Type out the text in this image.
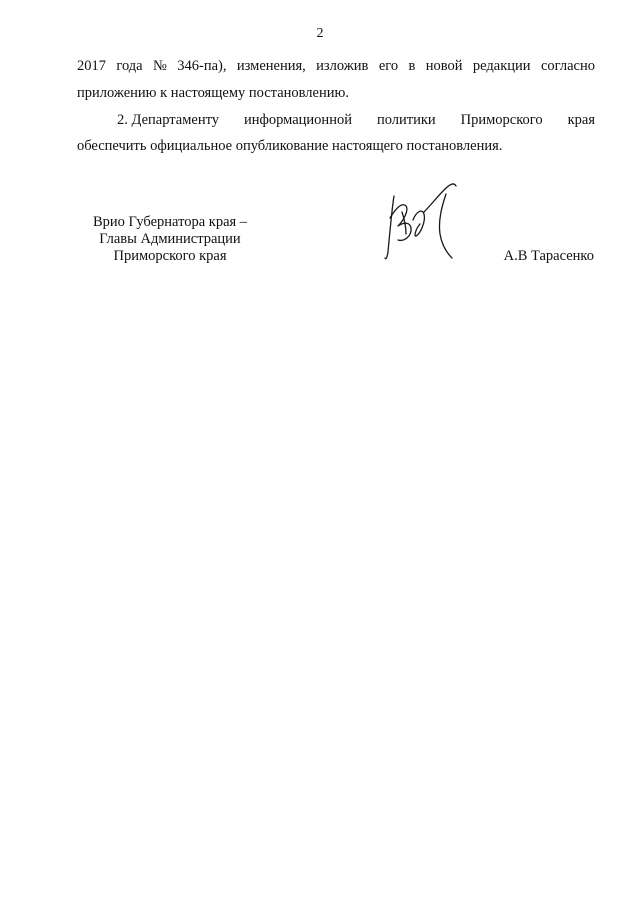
2
2017 года № 346-па), изменения, изложив его в новой редакции согласно
приложению к настоящему постановлению.
2. Департаменту информационной политики Приморского края
обеспечить официальное опубликование настоящего постановления.
Врио Губернатора края –
Главы Администрации
Приморского края	А.В Тарасенко
